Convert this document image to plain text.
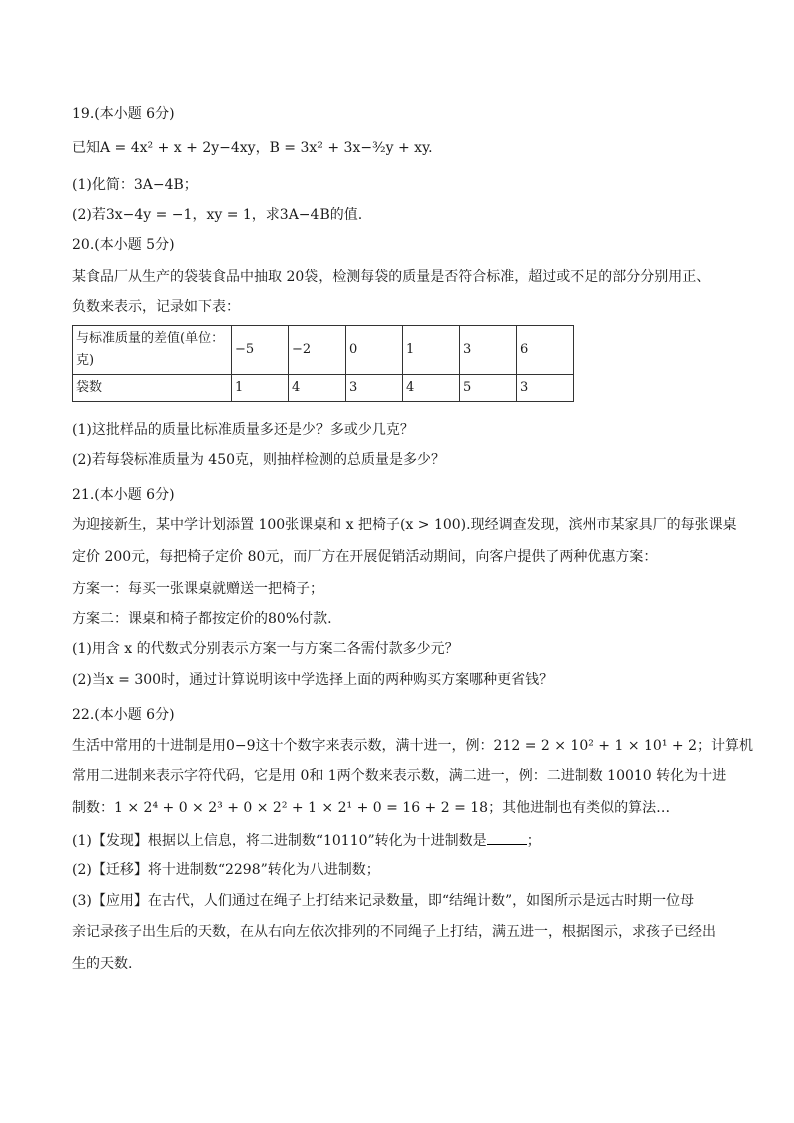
19.(本小题 6分)
已知A = 4x² + x + 2y−4xy，B = 3x² + 3x−³⁄₂y + xy.
(1)化简：3A−4B；
(2)若3x−4y = −1，xy = 1，求3A−4B的值.
20.(本小题 5分)
某食品厂从生产的袋装食品中抽取 20袋，检测每袋的质量是否符合标准，超过或不足的部分分别用正、
负数来表示，记录如下表：
与标准质量的差值(单位：克)	−5	−2	0	1	3	6
袋数	1	4	3	4	5	3
(1)这批样品的质量比标准质量多还是少？多或少几克？
(2)若每袋标准质量为 450克，则抽样检测的总质量是多少？
21.(本小题 6分)
为迎接新生，某中学计划添置 100张课桌和 x 把椅子(x > 100).现经调查发现，滨州市某家具厂的每张课桌
定价 200元，每把椅子定价 80元，而厂方在开展促销活动期间，向客户提供了两种优惠方案：
方案一：每买一张课桌就赠送一把椅子；
方案二：课桌和椅子都按定价的80%付款.
(1)用含 x 的代数式分别表示方案一与方案二各需付款多少元？
(2)当x = 300时，通过计算说明该中学选择上面的两种购买方案哪种更省钱？
22.(本小题 6分)
生活中常用的十进制是用0−9这十个数字来表示数，满十进一，例：212 = 2 × 10² + 1 × 10¹ + 2；计算机
常用二进制来表示字符代码，它是用 0和 1两个数来表示数，满二进一，例：二进制数 10010 转化为十进
制数：1 × 2⁴ + 0 × 2³ + 0 × 2² + 1 × 2¹ + 0 = 16 + 2 = 18；其他进制也有类似的算法…
(1)【发现】根据以上信息，将二进制数“10110”转化为十进制数是	；
(2)【迁移】将十进制数“2298”转化为八进制数；
(3)【应用】在古代，人们通过在绳子上打结来记录数量，即“结绳计数”，如图所示是远古时期一位母
亲记录孩子出生后的天数，在从右向左依次排列的不同绳子上打结，满五进一，根据图示，求孩子已经出
生的天数.
